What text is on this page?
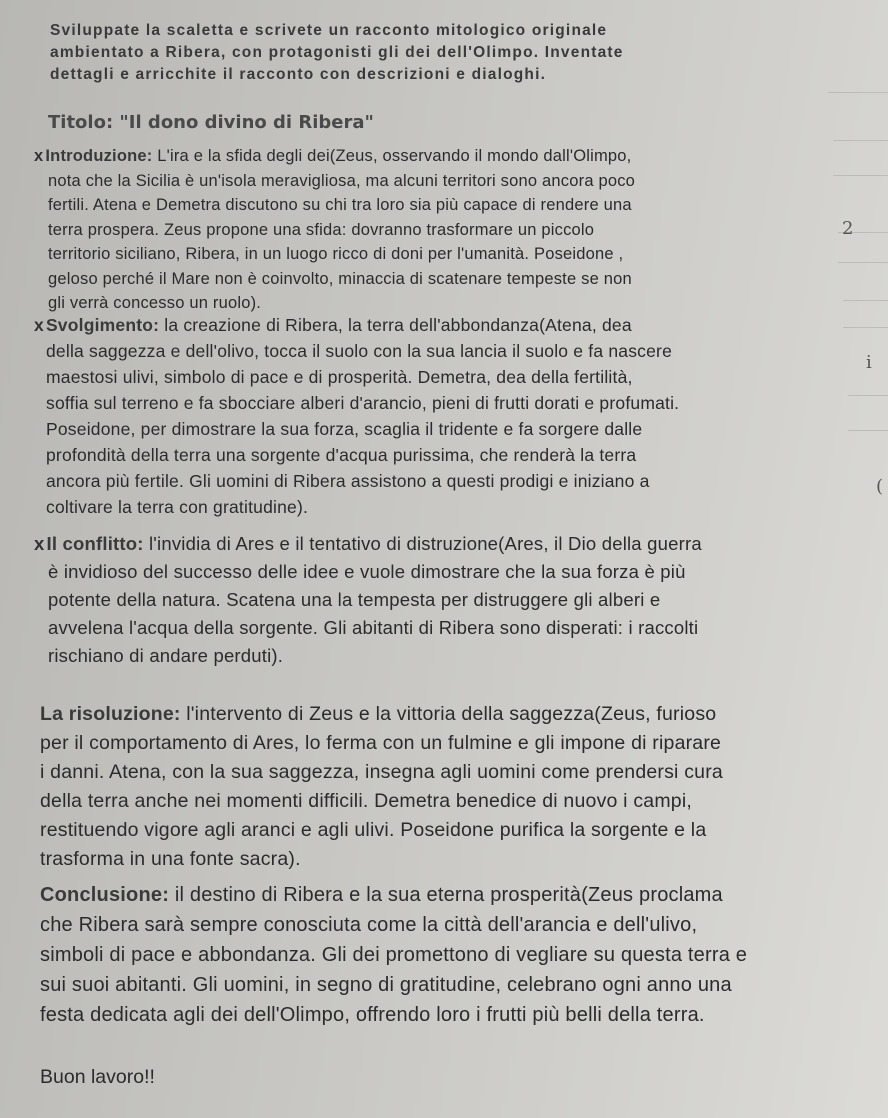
2
i
(
Sviluppate la scaletta e scrivete un racconto mitologico originale
ambientato a Ribera, con protagonisti gli dei dell'Olimpo. Inventate
dettagli e arricchite il racconto con descrizioni e dialoghi.
Titolo: "Il dono divino di Ribera"
x Introduzione: L'ira e la sfida degli dei(Zeus, osservando il mondo dall'Olimpo,
nota che la Sicilia è un'isola meravigliosa, ma alcuni territori sono ancora poco
fertili. Atena e Demetra discutono su chi tra loro sia più capace di rendere una
terra prospera. Zeus propone una sfida: dovranno trasformare un piccolo
territorio siciliano, Ribera, in un luogo ricco di doni per l'umanità. Poseidone ,
geloso perché il Mare non è coinvolto, minaccia di scatenare tempeste se non
gli verrà concesso un ruolo).
x Svolgimento: la creazione di Ribera, la terra dell'abbondanza(Atena, dea
della saggezza e dell'olivo, tocca il suolo con la sua lancia il suolo e fa nascere
maestosi ulivi, simbolo di pace e di prosperità. Demetra, dea della fertilità,
soffia sul terreno e fa sbocciare alberi d'arancio, pieni di frutti dorati e profumati.
Poseidone, per dimostrare la sua forza, scaglia il tridente e fa sorgere dalle
profondità della terra una sorgente d'acqua purissima, che renderà la terra
ancora più fertile. Gli uomini di Ribera assistono a questi prodigi e iniziano a
coltivare la terra con gratitudine).
x Il conflitto: l'invidia di Ares e il tentativo di distruzione(Ares, il Dio della guerra
è invidioso del successo delle idee e vuole dimostrare che la sua forza è più
potente della natura. Scatena una la tempesta per distruggere gli alberi e
avvelena l'acqua della sorgente. Gli abitanti di Ribera sono disperati: i raccolti
rischiano di andare perduti).
La risoluzione: l'intervento di Zeus e la vittoria della saggezza(Zeus, furioso
per il comportamento di Ares, lo ferma con un fulmine e gli impone di riparare
i danni. Atena, con la sua saggezza, insegna agli uomini come prendersi cura
della terra anche nei momenti difficili. Demetra benedice di nuovo i campi,
restituendo vigore agli aranci e agli ulivi. Poseidone purifica la sorgente e la
trasforma in una fonte sacra).
Conclusione: il destino di Ribera e la sua eterna prosperità(Zeus proclama
che Ribera sarà sempre conosciuta come la città dell'arancia e dell'ulivo,
simboli di pace e abbondanza. Gli dei promettono di vegliare su questa terra e
sui suoi abitanti. Gli uomini, in segno di gratitudine, celebrano ogni anno una
festa dedicata agli dei dell'Olimpo, offrendo loro i frutti più belli della terra.
Buon lavoro!!
